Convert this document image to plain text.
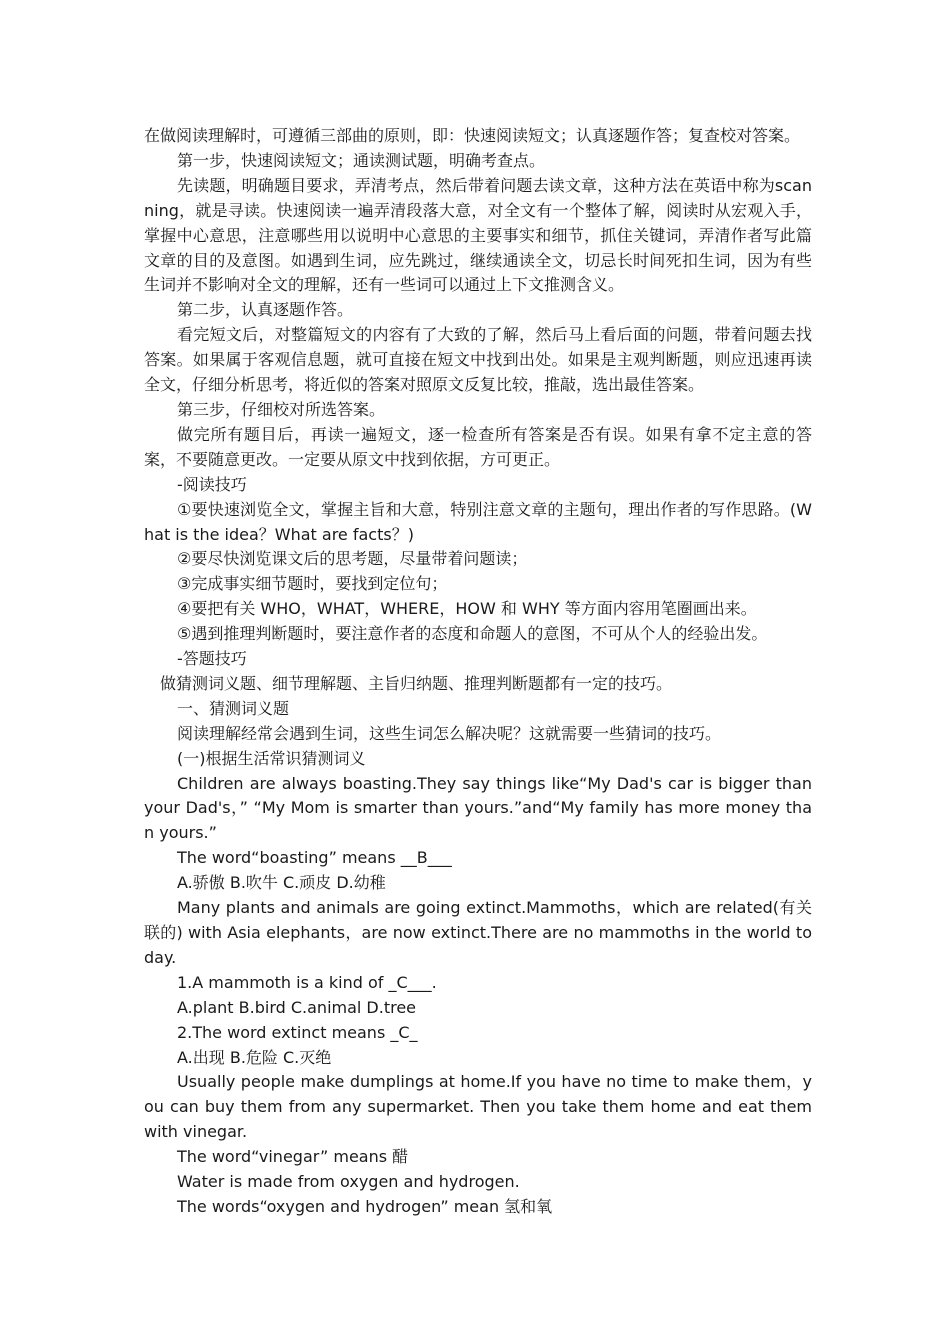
在做阅读理解时，可遵循三部曲的原则，即：快速阅读短文；认真逐题作答；复查校对答案。

第一步，快速阅读短文；通读测试题，明确考查点。

先读题，明确题目要求，弄清考点，然后带着问题去读文章，这种方法在英语中称为scanning，就是寻读。快速阅读一遍弄清段落大意，对全文有一个整体了解，阅读时从宏观入手，掌握中心意思，注意哪些用以说明中心意思的主要事实和细节，抓住关键词，弄清作者写此篇文章的目的及意图。如遇到生词，应先跳过，继续通读全文，切忌长时间死扣生词，因为有些生词并不影响对全文的理解，还有一些词可以通过上下文推测含义。

第二步，认真逐题作答。

看完短文后，对整篇短文的内容有了大致的了解，然后马上看后面的问题，带着问题去找答案。如果属于客观信息题，就可直接在短文中找到出处。如果是主观判断题，则应迅速再读全文，仔细分析思考，将近似的答案对照原文反复比较，推敲，选出最佳答案。

第三步，仔细校对所选答案。

做完所有题目后，再读一遍短文，逐一检查所有答案是否有误。如果有拿不定主意的答案，不要随意更改。一定要从原文中找到依据，方可更正。

-阅读技巧

①要快速浏览全文，掌握主旨和大意，特别注意文章的主题句，理出作者的写作思路。(What is the idea？What are facts？)

②要尽快浏览课文后的思考题，尽量带着问题读；

③完成事实细节题时，要找到定位句；

④要把有关 WHO，WHAT，WHERE，HOW 和 WHY 等方面内容用笔圈画出来。

⑤遇到推理判断题时，要注意作者的态度和命题人的意图，不可从个人的经验出发。

-答题技巧

做猜测词义题、细节理解题、主旨归纳题、推理判断题都有一定的技巧。

一、猜测词义题

阅读理解经常会遇到生词，这些生词怎么解决呢？这就需要一些猜词的技巧。

(一)根据生活常识猜测词义

Children are always boasting.They say things like“My Dad's car is bigger than your Dad's，” “My Mom is smarter than yours.”and“My family has more money than yours.”

The word“boasting” means __B___

A.骄傲 B.吹牛 C.顽皮 D.幼稚

Many plants and animals are going extinct.Mammoths，which are related(有关联的) with Asia elephants，are now extinct.There are no mammoths in the world today.

1.A mammoth is a kind of _C___.

A.plant B.bird C.animal D.tree

2.The word extinct means _C_

A.出现 B.危险 C.灭绝

Usually people make dumplings at home.If you have no time to make them，you can buy them from any supermarket. Then you take them home and eat them with vinegar.

The word“vinegar” means 醋

Water is made from oxygen and hydrogen.

The words“oxygen and hydrogen” mean 氢和氧
